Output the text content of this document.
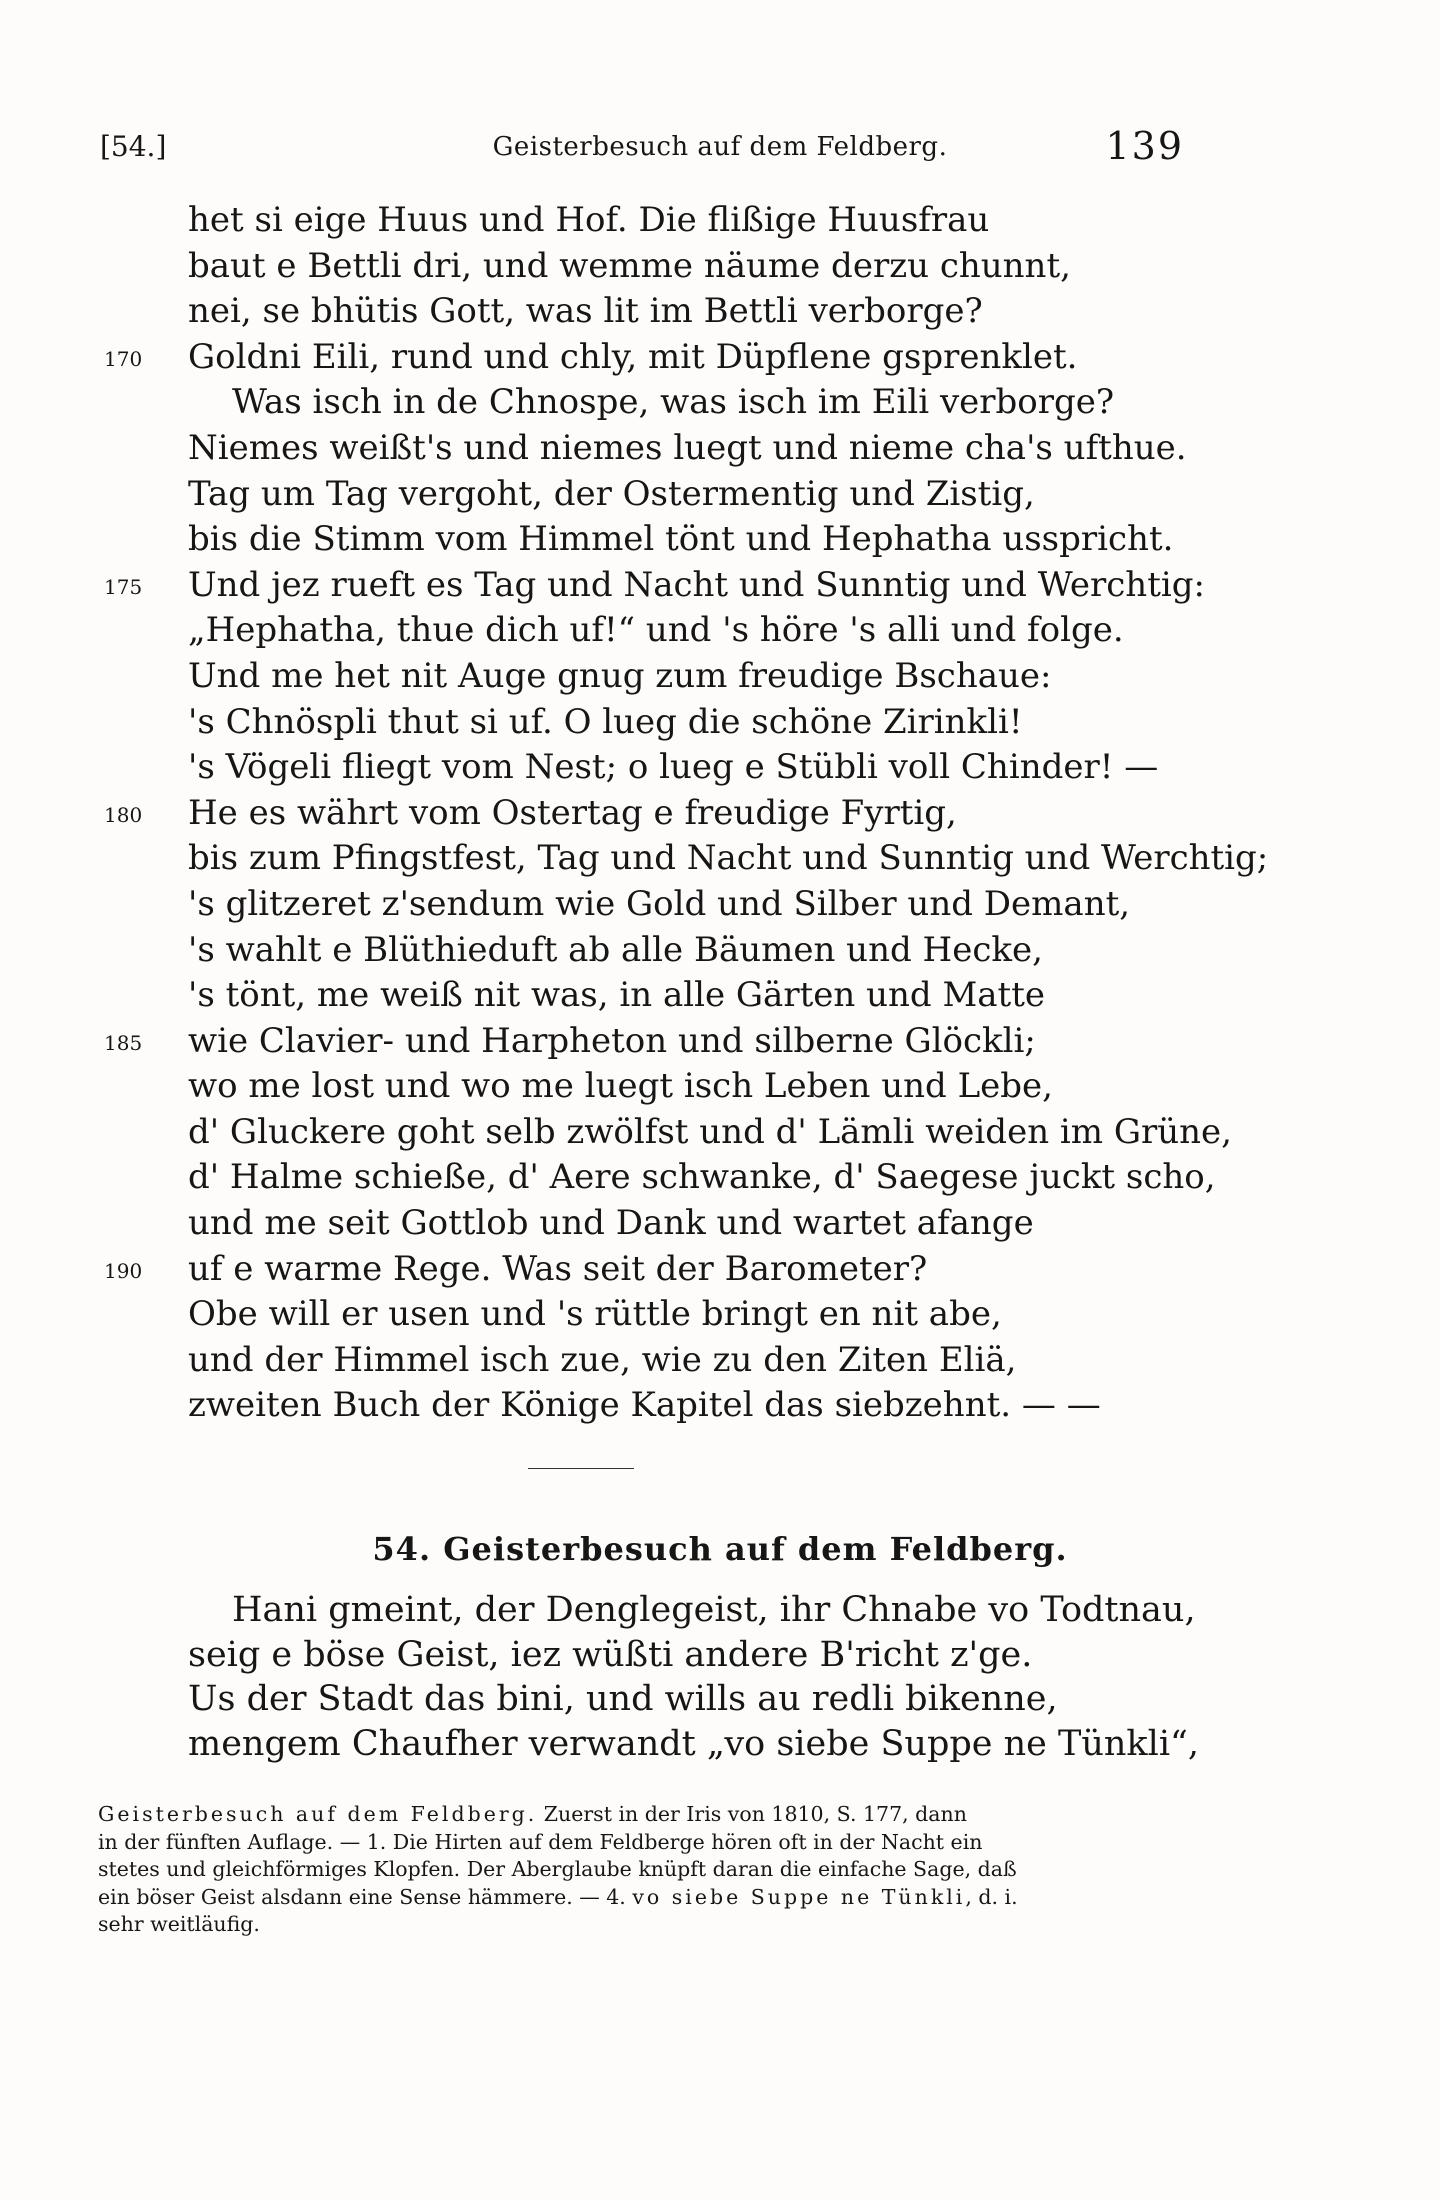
[54.]	Geisterbesuch auf dem Feldberg.	139
het si eige Huus und Hof. Die flißige Huusfrau
baut e Bettli dri, und wemme näume derzu chunnt,
nei, se bhütis Gott, was lit im Bettli verborge?
170 Goldni Eili, rund und chly, mit Düpflene gsprenklet.
Was isch in de Chnospe, was isch im Eili verborge?
Niemes weißt's und niemes luegt und nieme cha's ufthue.
Tag um Tag vergoht, der Ostermentig und Zistig,
bis die Stimm vom Himmel tönt und Hephatha usspricht.
175 Und jez rueft es Tag und Nacht und Sunntig und Werchtig:
„Hephatha, thue dich uf!“ und 's höre 's alli und folge.
Und me het nit Auge gnug zum freudige Bschaue:
's Chnöspli thut si uf. O lueg die schöne Zirinkli!
's Vögeli fliegt vom Nest; o lueg e Stübli voll Chinder! —
180 He es währt vom Ostertag e freudige Fyrtig,
bis zum Pfingstfest, Tag und Nacht und Sunntig und Werchtig;
's glitzeret z'sendum wie Gold und Silber und Demant,
's wahlt e Blüthieduft ab alle Bäumen und Hecke,
's tönt, me weiß nit was, in alle Gärten und Matte
185 wie Clavier- und Harpheton und silberne Glöckli;
wo me lost und wo me luegt isch Leben und Lebe,
d' Gluckere goht selb zwölfst und d' Lämli weiden im Grüne,
d' Halme schieße, d' Aere schwanke, d' Saegese juckt scho,
und me seit Gottlob und Dank und wartet afange
190 uf e warme Rege. Was seit der Barometer?
Obe will er usen und 's rüttle bringt en nit abe,
und der Himmel isch zue, wie zu den Ziten Eliä,
zweiten Buch der Könige Kapitel das siebzehnt. — —
54. Geisterbesuch auf dem Feldberg.
Hani gmeint, der Denglegeist, ihr Chnabe vo Todtnau,
seig e böse Geist, iez wüßti andere B'richt z'ge.
Us der Stadt das bini, und wills au redli bikenne,
mengem Chaufher verwandt „vo siebe Suppe ne Tünkli“,
Geisterbesuch auf dem Feldberg. Zuerst in der Iris von 1810, S. 177, dann
in der fünften Auflage. — 1. Die Hirten auf dem Feldberge hören oft in der Nacht ein
stetes und gleichförmiges Klopfen. Der Aberglaube knüpft daran die einfache Sage, daß
ein böser Geist alsdann eine Sense hämmere. — 4. vo siebe Suppe ne Tünkli, d. i.
sehr weitläufig.
